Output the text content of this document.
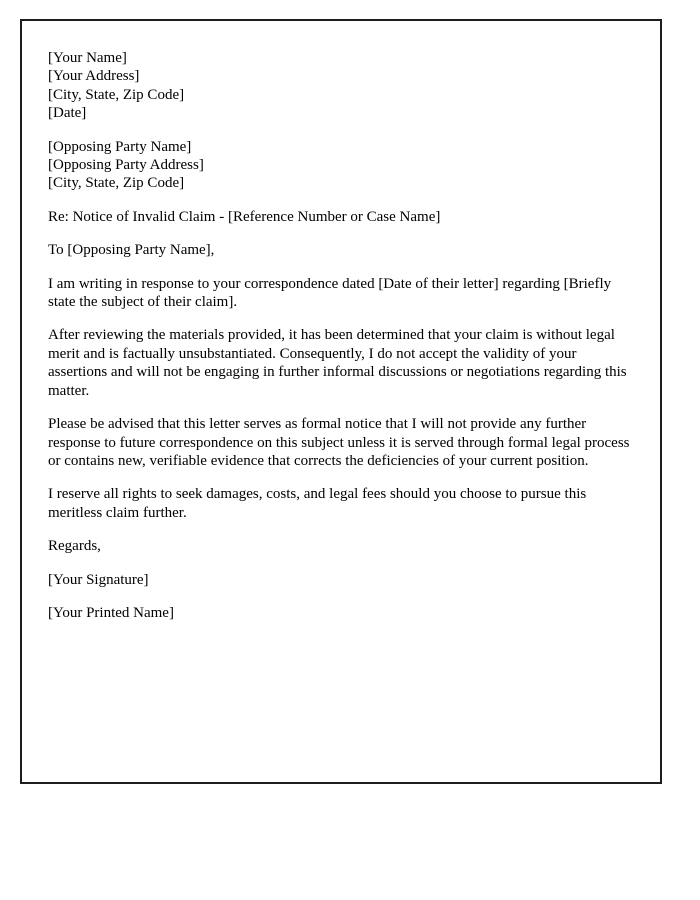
[Your Name]
[Your Address]
[City, State, Zip Code]
[Date]
[Opposing Party Name]
[Opposing Party Address]
[City, State, Zip Code]

Re: Notice of Invalid Claim - [Reference Number or Case Name]

To [Opposing Party Name],

I am writing in response to your correspondence dated [Date of their letter] regarding [Briefly state the subject of their claim].

After reviewing the materials provided, it has been determined that your claim is without legal merit and is factually unsubstantiated. Consequently, I do not accept the validity of your assertions and will not be engaging in further informal discussions or negotiations regarding this matter.

Please be advised that this letter serves as formal notice that I will not provide any further response to future correspondence on this subject unless it is served through formal legal process or contains new, verifiable evidence that corrects the deficiencies of your current position.

I reserve all rights to seek damages, costs, and legal fees should you choose to pursue this meritless claim further.

Regards,

[Your Signature]

[Your Printed Name]
